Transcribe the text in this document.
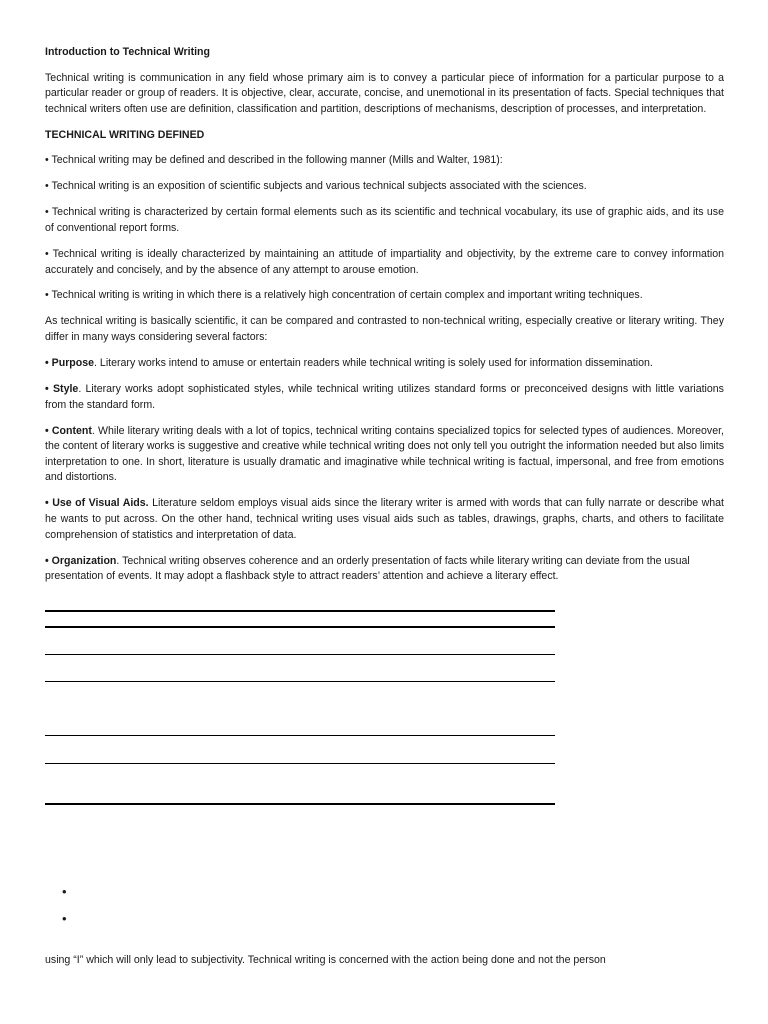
Introduction to Technical Writing

Technical writing is communication in any field whose primary aim is to convey a particular piece of information for a particular purpose to a particular reader or group of readers. It is objective, clear, accurate, concise, and unemotional in its presentation of facts. Special techniques that technical writers often use are definition, classification and partition, descriptions of mechanisms, description of processes, and interpretation.

TECHNICAL WRITING DEFINED

• Technical writing may be defined and described in the following manner (Mills and Walter, 1981):

• Technical writing is an exposition of scientific subjects and various technical subjects associated with the sciences.

• Technical writing is characterized by certain formal elements such as its scientific and technical vocabulary, its use of graphic aids, and its use of conventional report forms.

• Technical writing is ideally characterized by maintaining an attitude of impartiality and objectivity, by the extreme care to convey information accurately and concisely, and by the absence of any attempt to arouse emotion.

• Technical writing is writing in which there is a relatively high concentration of certain complex and important writing techniques.

As technical writing is basically scientific, it can be compared and contrasted to non-technical writing, especially creative or literary writing. They differ in many ways considering several factors:

• Purpose. Literary works intend to amuse or entertain readers while technical writing is solely used for information dissemination.

• Style. Literary works adopt sophisticated styles, while technical writing utilizes standard forms or preconceived designs with little variations from the standard form.

• Content. While literary writing deals with a lot of topics, technical writing contains specialized topics for selected types of audiences. Moreover, the content of literary works is suggestive and creative while technical writing does not only tell you outright the information needed but also limits interpretation to one. In short, literature is usually dramatic and imaginative while technical writing is factual, impersonal, and free from emotions and distortions.

• Use of Visual Aids. Literature seldom employs visual aids since the literary writer is armed with words that can fully narrate or describe what he wants to put across. On the other hand, technical writing uses visual aids such as tables, drawings, graphs, charts, and others to facilitate comprehension of statistics and interpretation of data.

• Organization. Technical writing observes coherence and an orderly presentation of facts while literary writing can deviate from the usual presentation of events. It may adopt a flashback style to attract readers’ attention and achieve a literary effect.

•
•

using “I” which will only lead to subjectivity. Technical writing is concerned with the action being done and not the person
